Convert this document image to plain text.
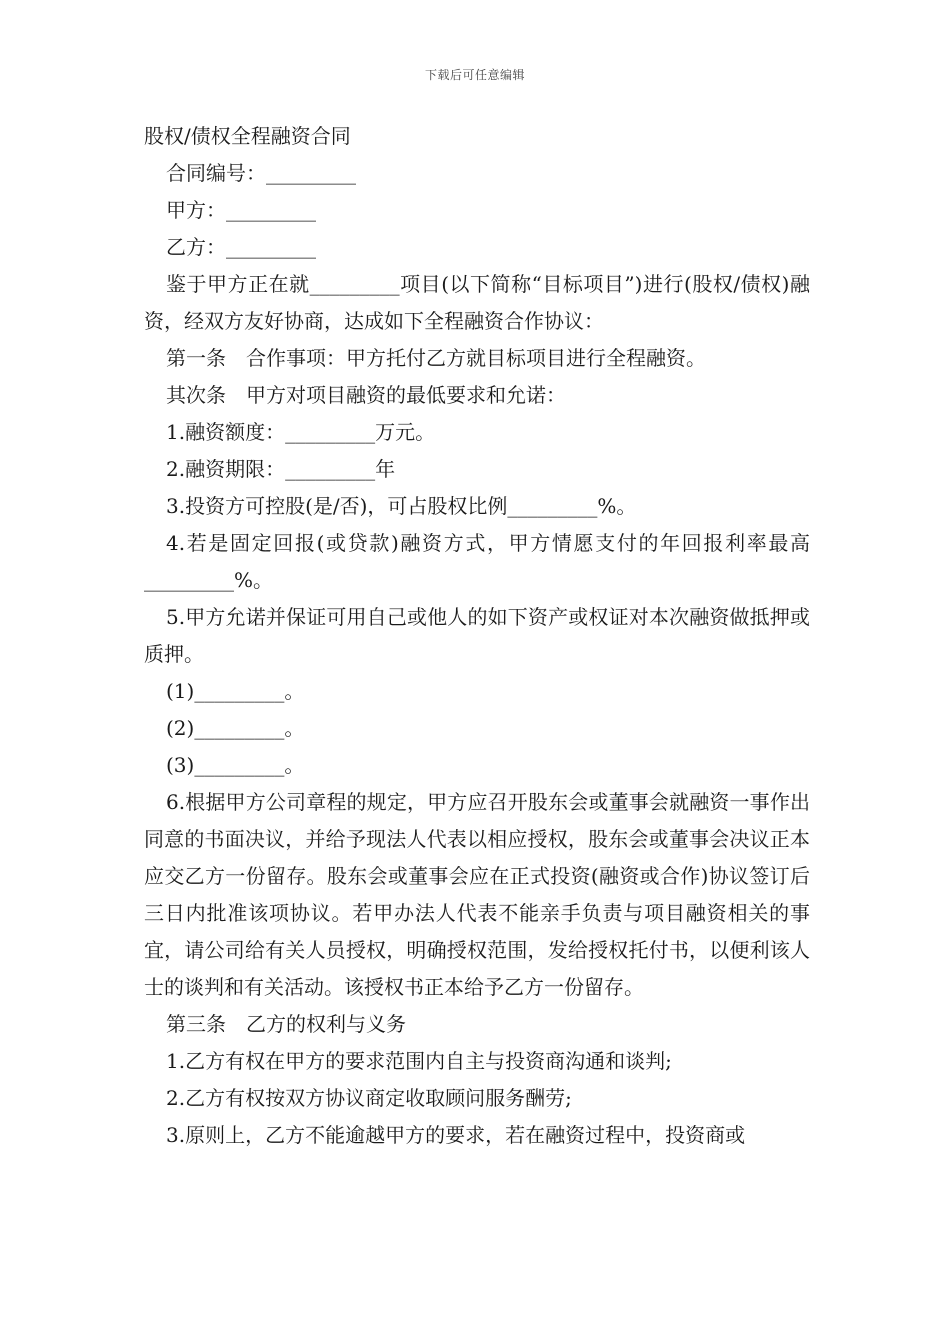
下载后可任意编辑

股权/债权全程融资合同

合同编号：_________

甲方：_________

乙方：_________

鉴于甲方正在就_________项目(以下简称“目标项目”)进行(股权/债权)融资，经双方友好协商，达成如下全程融资合作协议：

第一条　合作事项：甲方托付乙方就目标项目进行全程融资。

其次条　甲方对项目融资的最低要求和允诺：

1.融资额度：_________万元。

2.融资期限：_________年

3.投资方可控股(是/否)，可占股权比例_________%。

4.若是固定回报(或贷款)融资方式，甲方情愿支付的年回报利率最高_________%。

5.甲方允诺并保证可用自己或他人的如下资产或权证对本次融资做抵押或质押。

(1)_________。

(2)_________。

(3)_________。

6.根据甲方公司章程的规定，甲方应召开股东会或董事会就融资一事作出同意的书面决议，并给予现法人代表以相应授权，股东会或董事会决议正本应交乙方一份留存。股东会或董事会应在正式投资(融资或合作)协议签订后三日内批准该项协议。若甲办法人代表不能亲手负责与项目融资相关的事宜，请公司给有关人员授权，明确授权范围，发给授权托付书，以便利该人士的谈判和有关活动。该授权书正本给予乙方一份留存。

第三条　乙方的权利与义务

1.乙方有权在甲方的要求范围内自主与投资商沟通和谈判;

2.乙方有权按双方协议商定收取顾问服务酬劳;

3.原则上，乙方不能逾越甲方的要求，若在融资过程中，投资商或
